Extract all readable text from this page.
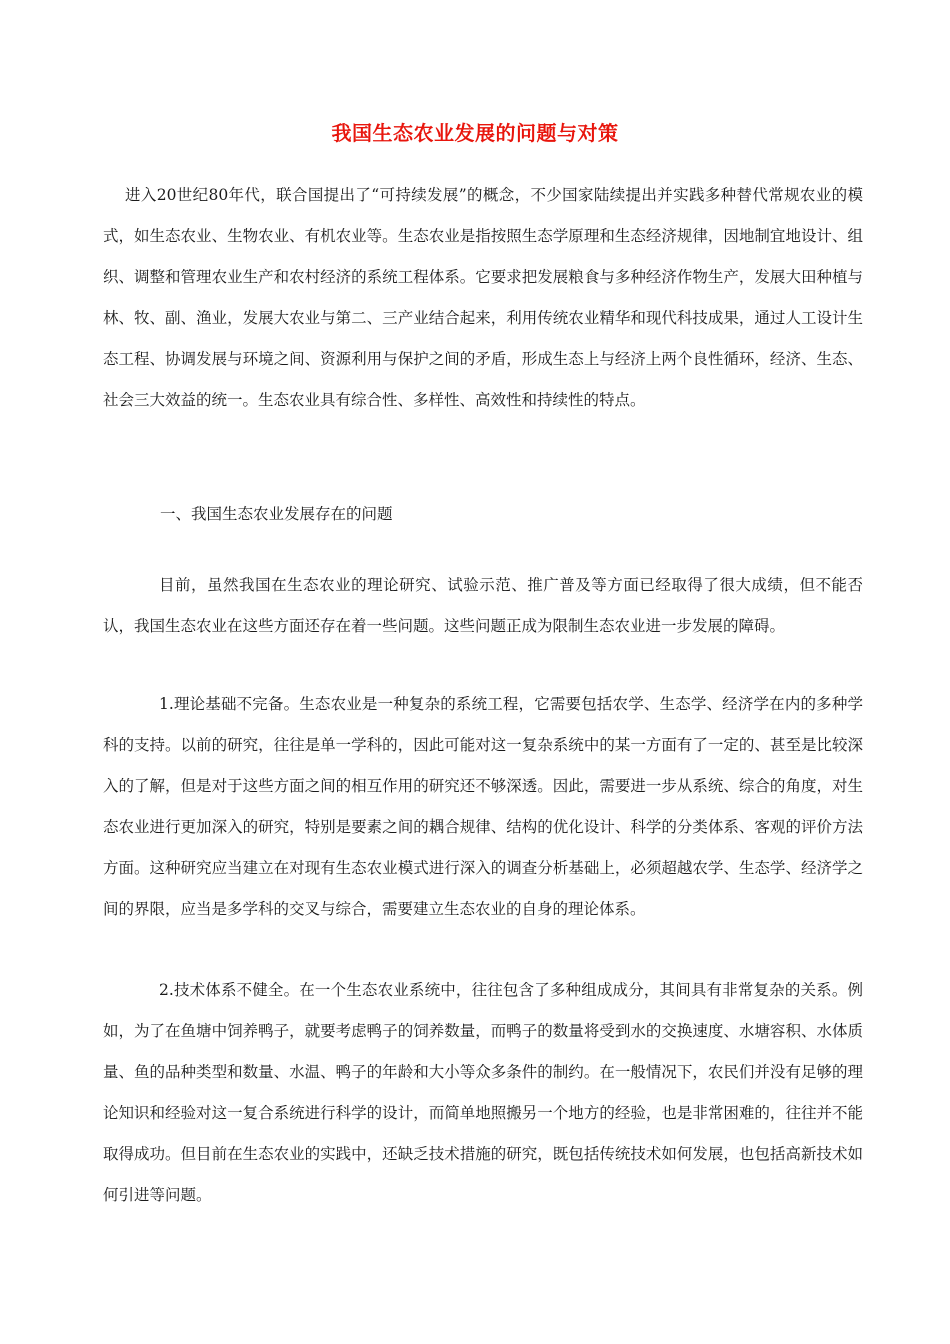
我国生态农业发展的问题与对策

进入20世纪80年代，联合国提出了“可持续发展”的概念，不少国家陆续提出并实践多种替代常规农业的模式，如生态农业、生物农业、有机农业等。生态农业是指按照生态学原理和生态经济规律，因地制宜地设计、组织、调整和管理农业生产和农村经济的系统工程体系。它要求把发展粮食与多种经济作物生产，发展大田种植与林、牧、副、渔业，发展大农业与第二、三产业结合起来，利用传统农业精华和现代科技成果，通过人工设计生态工程、协调发展与环境之间、资源利用与保护之间的矛盾，形成生态上与经济上两个良性循环，经济、生态、社会三大效益的统一。生态农业具有综合性、多样性、高效性和持续性的特点。

一、我国生态农业发展存在的问题

目前，虽然我国在生态农业的理论研究、试验示范、推广普及等方面已经取得了很大成绩，但不能否认，我国生态农业在这些方面还存在着一些问题。这些问题正成为限制生态农业进一步发展的障碍。

1.理论基础不完备。生态农业是一种复杂的系统工程，它需要包括农学、生态学、经济学在内的多种学科的支持。以前的研究，往往是单一学科的，因此可能对这一复杂系统中的某一方面有了一定的、甚至是比较深入的了解，但是对于这些方面之间的相互作用的研究还不够深透。因此，需要进一步从系统、综合的角度，对生态农业进行更加深入的研究，特别是要素之间的耦合规律、结构的优化设计、科学的分类体系、客观的评价方法方面。这种研究应当建立在对现有生态农业模式进行深入的调查分析基础上，必须超越农学、生态学、经济学之间的界限，应当是多学科的交叉与综合，需要建立生态农业的自身的理论体系。

2.技术体系不健全。在一个生态农业系统中，往往包含了多种组成成分，其间具有非常复杂的关系。例如，为了在鱼塘中饲养鸭子，就要考虑鸭子的饲养数量，而鸭子的数量将受到水的交换速度、水塘容积、水体质量、鱼的品种类型和数量、水温、鸭子的年龄和大小等众多条件的制约。在一般情况下，农民们并没有足够的理论知识和经验对这一复合系统进行科学的设计，而简单地照搬另一个地方的经验，也是非常困难的，往往并不能取得成功。但目前在生态农业的实践中，还缺乏技术措施的研究，既包括传统技术如何发展，也包括高新技术如何引进等问题。
